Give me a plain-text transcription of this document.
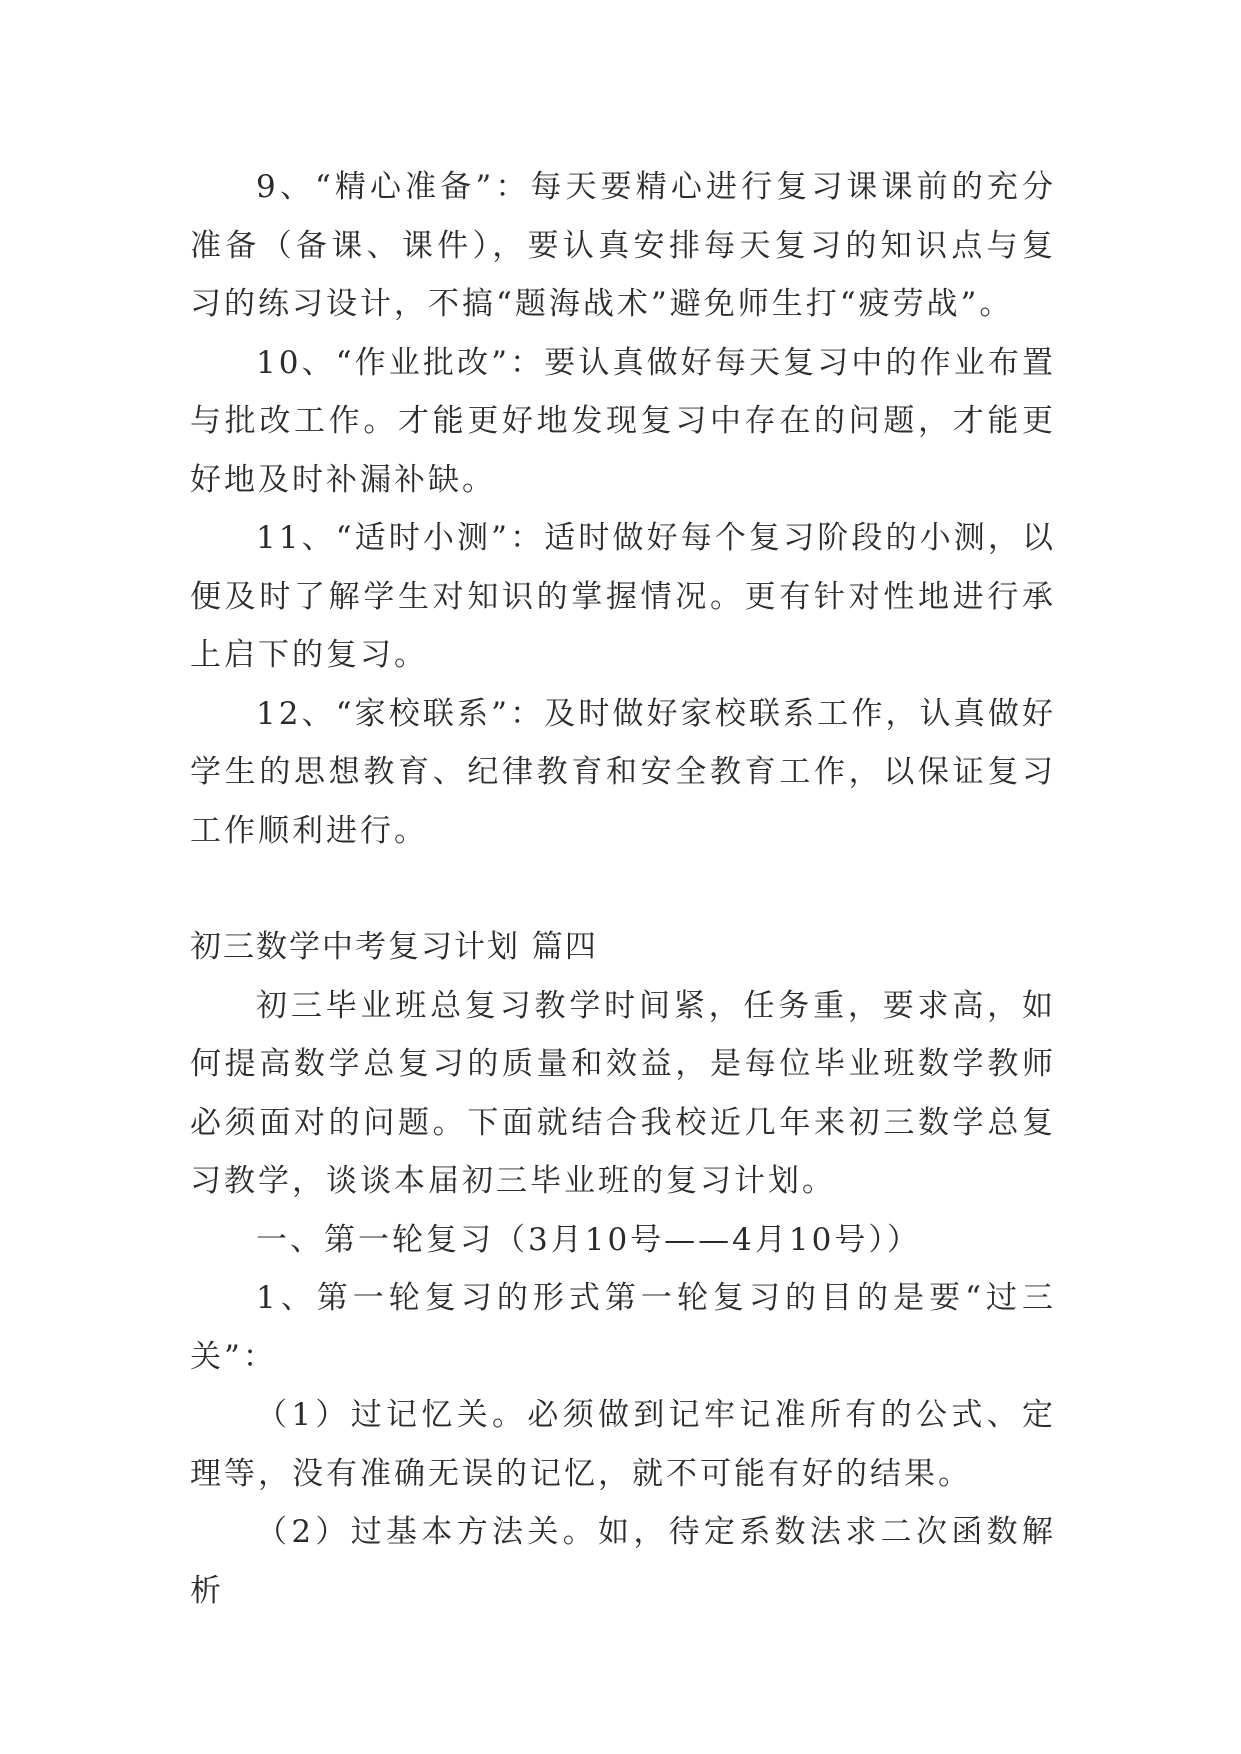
9、“精心准备”：每天要精心进行复习课课前的充分准备（备课、课件），要认真安排每天复习的知识点与复习的练习设计，不搞“题海战术”避免师生打“疲劳战”。

10、“作业批改”：要认真做好每天复习中的作业布置与批改工作。才能更好地发现复习中存在的问题，才能更好地及时补漏补缺。

11、“适时小测”：适时做好每个复习阶段的小测，以便及时了解学生对知识的掌握情况。更有针对性地进行承上启下的复习。

12、“家校联系”：及时做好家校联系工作，认真做好学生的思想教育、纪律教育和安全教育工作，以保证复习工作顺利进行。

初三数学中考复习计划 篇四

初三毕业班总复习教学时间紧，任务重，要求高，如何提高数学总复习的质量和效益，是每位毕业班数学教师必须面对的问题。下面就结合我校近几年来初三数学总复习教学，谈谈本届初三毕业班的复习计划。

一、第一轮复习（3月10号——4月10号））

1、第一轮复习的形式第一轮复习的目的是要“过三关”：

（1）过记忆关。必须做到记牢记准所有的公式、定理等，没有准确无误的记忆，就不可能有好的结果。

（2）过基本方法关。如，待定系数法求二次函数解析
